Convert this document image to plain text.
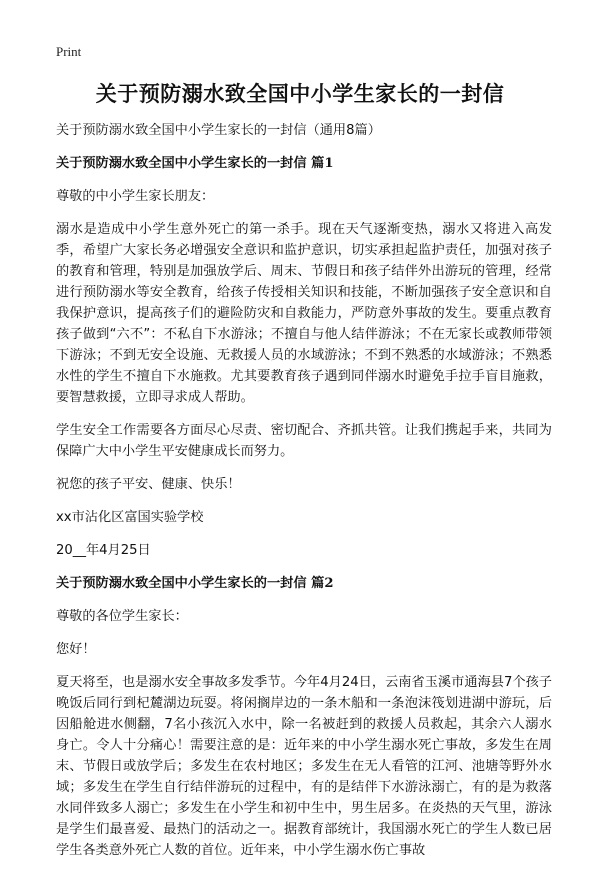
Print
关于预防溺水致全国中小学生家长的一封信

关于预防溺水致全国中小学生家长的一封信（通用8篇）

关于预防溺水致全国中小学生家长的一封信 篇1

尊敬的中小学生家长朋友：

溺水是造成中小学生意外死亡的第一杀手。现在天气逐渐变热，溺水又将进入高发季，希望广大家长务必增强安全意识和监护意识，切实承担起监护责任，加强对孩子的教育和管理，特别是加强放学后、周末、节假日和孩子结伴外出游玩的管理，经常进行预防溺水等安全教育，给孩子传授相关知识和技能，不断加强孩子安全意识和自我保护意识，提高孩子们的避险防灾和自救能力，严防意外事故的发生。要重点教育孩子做到“六不”：不私自下水游泳；不擅自与他人结伴游泳；不在无家长或教师带领下游泳；不到无安全设施、无救援人员的水域游泳；不到不熟悉的水域游泳；不熟悉水性的学生不擅自下水施救。尤其要教育孩子遇到同伴溺水时避免手拉手盲目施救，要智慧救援，立即寻求成人帮助。

学生安全工作需要各方面尽心尽责、密切配合、齐抓共管。让我们携起手来，共同为保障广大中小学生平安健康成长而努力。

祝您的孩子平安、健康、快乐！

xx市沾化区富国实验学校

20__年4月25日

关于预防溺水致全国中小学生家长的一封信 篇2

尊敬的各位学生家长：

您好！

夏天将至，也是溺水安全事故多发季节。今年4月24日，云南省玉溪市通海县7个孩子晚饭后同行到杞麓湖边玩耍。将闲搁岸边的一条木船和一条泡沫筏划进湖中游玩，后因船舱进水侧翻，7名小孩沉入水中，除一名被赶到的救援人员救起，其余六人溺水身亡。令人十分痛心！需要注意的是：近年来的中小学生溺水死亡事故，多发生在周末、节假日或放学后；多发生在农村地区；多发生在无人看管的江河、池塘等野外水域；多发生在学生自行结伴游玩的过程中，有的是结伴下水游泳溺亡，有的是为救落水同伴致多人溺亡；多发生在小学生和初中生中，男生居多。在炎热的天气里，游泳是学生们最喜爱、最热门的活动之一。据教育部统计，我国溺水死亡的学生人数已居学生各类意外死亡人数的首位。近年来，中小学生溺水伤亡事故
